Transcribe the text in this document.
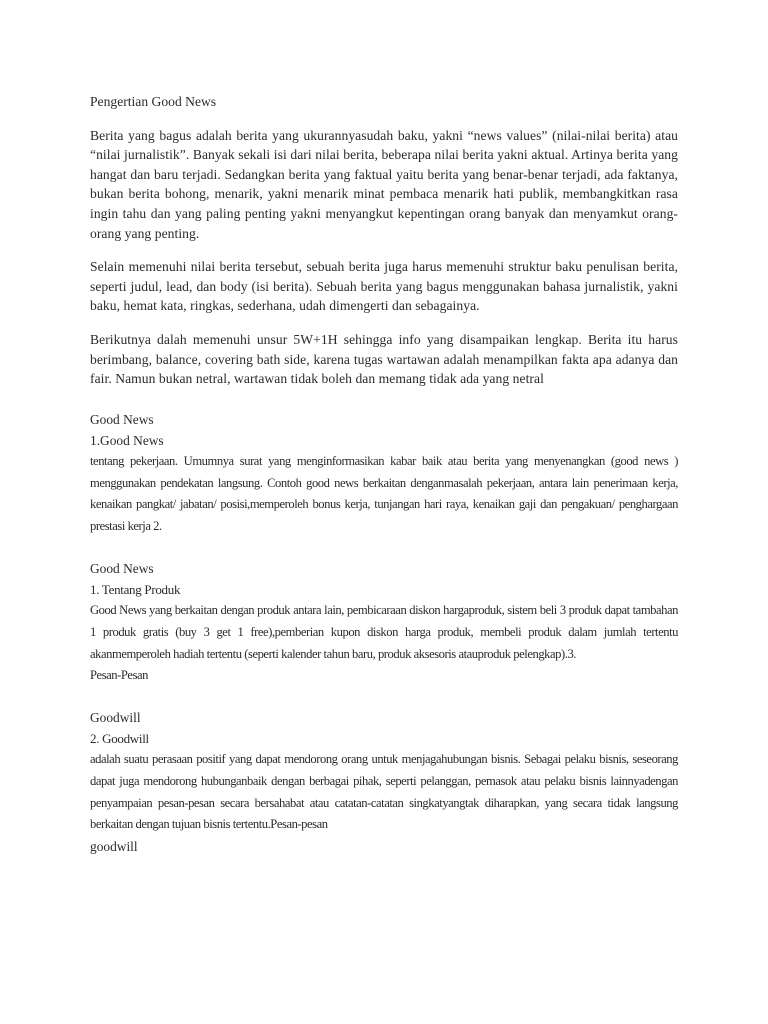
Pengertian Good News

Berita yang bagus adalah berita yang ukurannyasudah baku, yakni “news values” (nilai-nilai berita) atau “nilai jurnalistik”. Banyak sekali isi dari nilai berita, beberapa nilai berita yakni aktual. Artinya berita yang hangat dan baru terjadi. Sedangkan berita yang faktual yaitu berita yang benar-benar terjadi, ada faktanya, bukan berita bohong, menarik, yakni menarik minat pembaca menarik hati publik, membangkitkan rasa ingin tahu dan yang paling penting yakni menyangkut kepentingan orang banyak dan menyamkut orang-orang yang penting.

Selain memenuhi nilai berita tersebut, sebuah berita juga harus memenuhi struktur baku penulisan berita, seperti judul, lead, dan body (isi berita). Sebuah berita yang bagus menggunakan bahasa jurnalistik, yakni baku, hemat kata, ringkas, sederhana, udah dimengerti dan sebagainya.

Berikutnya dalah memenuhi unsur 5W+1H sehingga info yang disampaikan lengkap. Berita itu harus berimbang, balance, covering bath side, karena tugas wartawan adalah menampilkan fakta apa adanya dan fair. Namun bukan netral, wartawan tidak boleh dan memang tidak ada yang netral

Good News

1.Good News

tentang pekerjaan. Umumnya surat yang menginformasikan kabar baik atau berita yang menyenangkan (good news ) menggunakan pendekatan langsung. Contoh good news berkaitan denganmasalah pekerjaan, antara lain penerimaan kerja, kenaikan pangkat/ jabatan/ posisi,memperoleh bonus kerja, tunjangan hari raya, kenaikan gaji dan pengakuan/ penghargaan prestasi kerja 2.

Good News

1. Tentang Produk

Good News yang berkaitan dengan produk antara lain, pembicaraan diskon hargaproduk, sistem beli 3 produk dapat tambahan 1 produk gratis (buy 3 get 1 free),pemberian kupon diskon harga produk, membeli produk dalam jumlah tertentu akanmemperoleh hadiah tertentu (seperti kalender tahun baru, produk aksesoris atauproduk pelengkap).3.

Pesan-Pesan

Goodwill

2. Goodwill

adalah suatu perasaan positif yang dapat mendorong orang untuk menjagahubungan bisnis. Sebagai pelaku bisnis, seseorang dapat juga mendorong hubunganbaik dengan berbagai pihak, seperti pelanggan, pemasok atau pelaku bisnis lainnyadengan penyampaian pesan-pesan secara bersahabat atau catatan-catatan singkatyangtak diharapkan, yang secara tidak langsung berkaitan dengan tujuan bisnis tertentu.Pesan-pesan

goodwill
